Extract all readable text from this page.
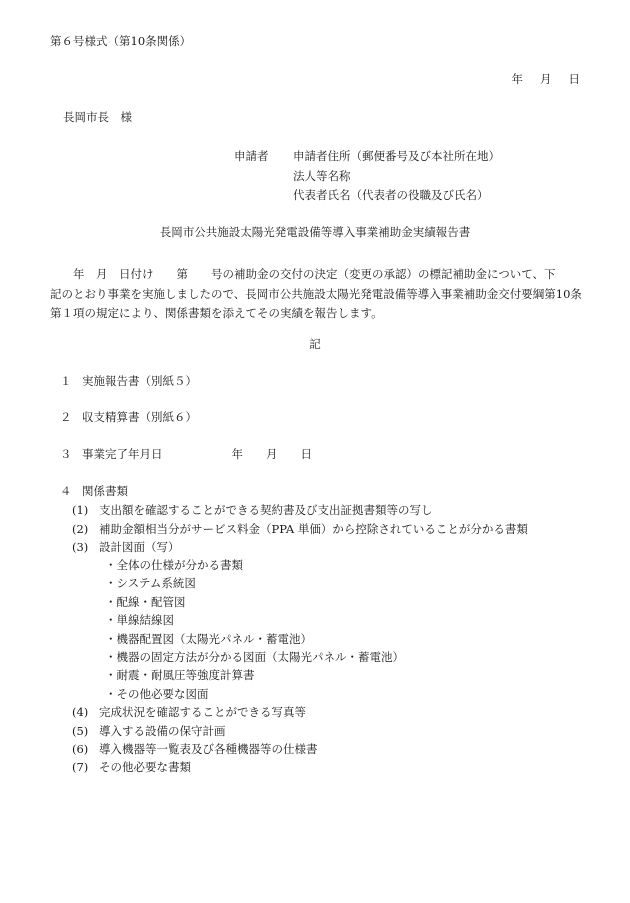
第６号様式（第10条関係）
年 月 日
長岡市長　様
申請者 申請者住所（郵便番号及び本社所在地）
法人等名称
代表者氏名（代表者の役職及び氏名）
長岡市公共施設太陽光発電設備等導入事業補助金実績報告書
　　年　月　日付け　　第　　号の補助金の交付の決定（変更の承認）の標記補助金について、下
記のとおり事業を実施しましたので、長岡市公共施設太陽光発電設備等導入事業補助金交付要綱第10条
第１項の規定により、関係書類を添えてその実績を報告します。
記
１ 実施報告書（別紙５）
２ 収支精算書（別紙６）
３ 事業完了年月日　　　　　　年　　月　　日
４ 関係書類
(1) 支出額を確認することができる契約書及び支出証拠書類等の写し
(2) 補助金額相当分がサービス料金（PPA 単価）から控除されていることが分かる書類
(3) 設計図面（写）
・全体の仕様が分かる書類
・システム系統図
・配線・配管図
・単線結線図
・機器配置図（太陽光パネル・蓄電池）
・機器の固定方法が分かる図面（太陽光パネル・蓄電池）
・耐震・耐風圧等強度計算書
・その他必要な図面
(4) 完成状況を確認することができる写真等
(5) 導入する設備の保守計画
(6) 導入機器等一覧表及び各種機器等の仕様書
(7) その他必要な書類
